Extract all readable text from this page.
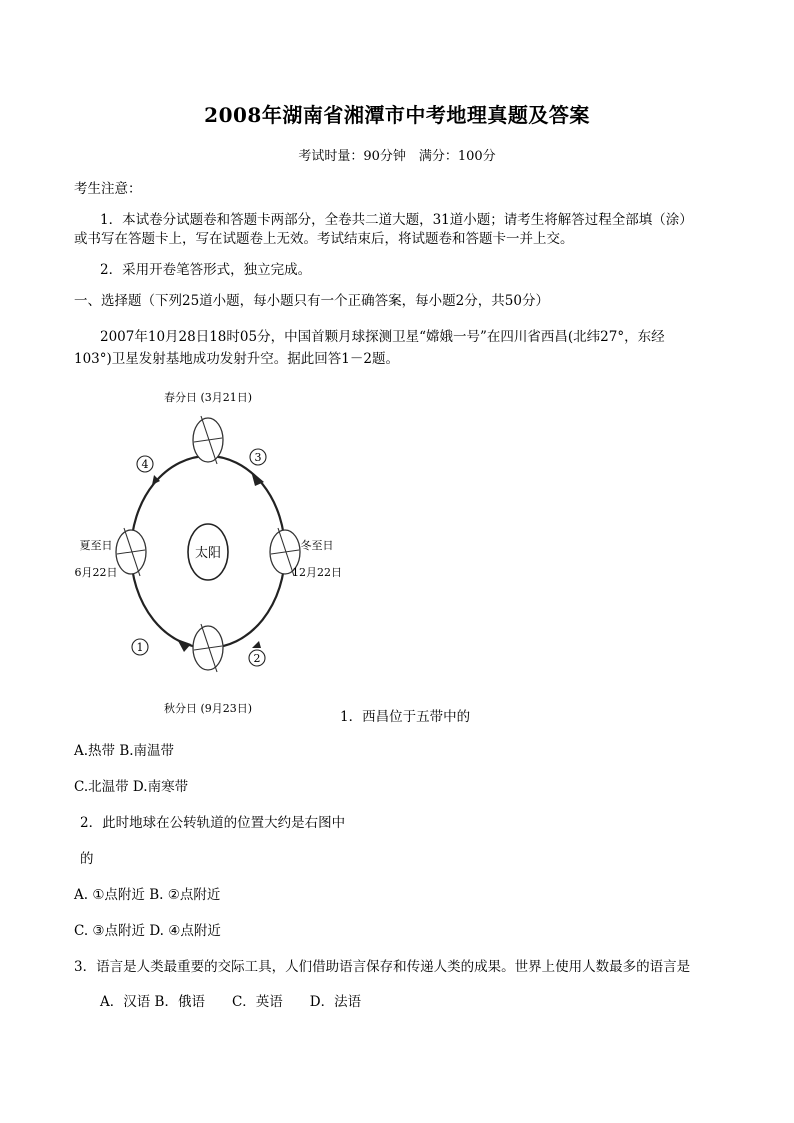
2008年湖南省湘潭市中考地理真题及答案
考试时量：90分钟　满分：100分
考生注意：
1．本试卷分试题卷和答题卡两部分，全卷共二道大题，31道小题；请考生将解答过程全部填（涂）
或书写在答题卡上，写在试题卷上无效。考试结束后，将试题卷和答题卡一并上交。
2．采用开卷笔答形式，独立完成。
一、选择题（下列25道小题，每小题只有一个正确答案，每小题2分，共50分）
2007年10月28日18时05分，中国首颗月球探测卫星“嫦娥一号”在四川省西昌(北纬27°，东经
103°)卫星发射基地成功发射升空。据此回答1－2题。
太阳
春分日 (3月21日)
夏至日
6月22日
冬至日
12月22日
秋分日 (9月23日)
4
3
1
2
1．西昌位于五带中的
A.热带 B.南温带
C.北温带 D.南寒带
2．此时地球在公转轨道的位置大约是右图中
的
A. ①点附近 B. ②点附近
C. ③点附近 D. ④点附近
3．语言是人类最重要的交际工具，人们借助语言保存和传递人类的成果。世界上使用人数最多的语言是
A．汉语 B．俄语　　C．英语　　D．法语
